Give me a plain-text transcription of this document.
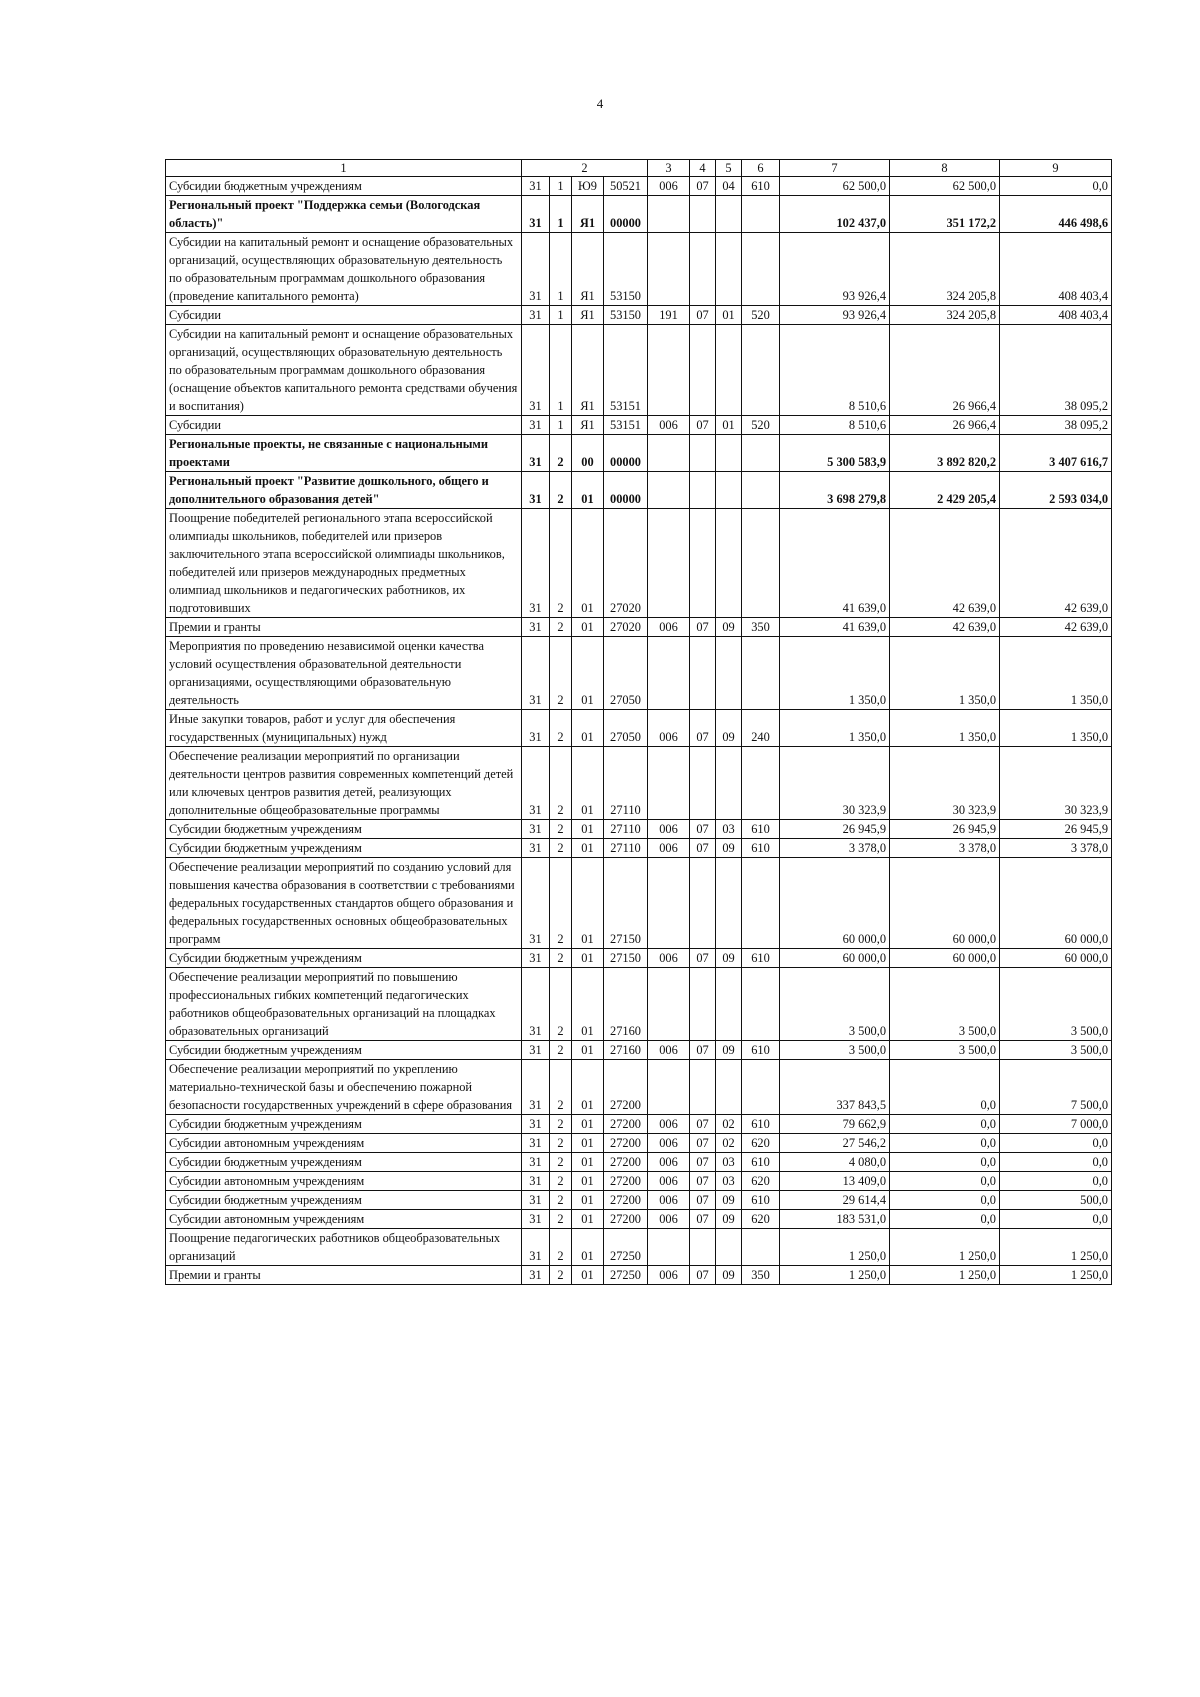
4
1	2				3	4	5	6	7	8	9
Субсидии бюджетным учреждениям	31	1	Ю9	50521	006	07	04	610	62 500,0	62 500,0	0,0
Региональный проект "Поддержка семьи (Вологодская область)"	31	1	Я1	00000					102 437,0	351 172,2	446 498,6
Субсидии на капитальный ремонт и оснащение образовательных организаций, осуществляющих образовательную деятельность по образовательным программам дошкольного образования (проведение капитального ремонта)	31	1	Я1	53150					93 926,4	324 205,8	408 403,4
Субсидии	31	1	Я1	53150	191	07	01	520	93 926,4	324 205,8	408 403,4
Субсидии на капитальный ремонт и оснащение образовательных организаций, осуществляющих образовательную деятельность по образовательным программам дошкольного образования (оснащение объектов капитального ремонта средствами обучения и воспитания)	31	1	Я1	53151					8 510,6	26 966,4	38 095,2
Субсидии	31	1	Я1	53151	006	07	01	520	8 510,6	26 966,4	38 095,2
Региональные проекты, не связанные с национальными проектами	31	2	00	00000					5 300 583,9	3 892 820,2	3 407 616,7
Региональный проект "Развитие дошкольного, общего и дополнительного образования детей"	31	2	01	00000					3 698 279,8	2 429 205,4	2 593 034,0
Поощрение победителей регионального этапа всероссийской олимпиады школьников, победителей или призеров заключительного этапа всероссийской олимпиады школьников, победителей или призеров международных предметных олимпиад школьников и педагогических работников, их подготовивших	31	2	01	27020					41 639,0	42 639,0	42 639,0
Премии и гранты	31	2	01	27020	006	07	09	350	41 639,0	42 639,0	42 639,0
Мероприятия по проведению независимой оценки качества условий осуществления образовательной деятельности организациями, осуществляющими образовательную деятельность	31	2	01	27050					1 350,0	1 350,0	1 350,0
Иные закупки товаров, работ и услуг для обеспечения государственных (муниципальных) нужд	31	2	01	27050	006	07	09	240	1 350,0	1 350,0	1 350,0
Обеспечение реализации мероприятий по организации деятельности центров развития современных компетенций детей или ключевых центров развития детей, реализующих дополнительные общеобразовательные программы	31	2	01	27110					30 323,9	30 323,9	30 323,9
Субсидии бюджетным учреждениям	31	2	01	27110	006	07	03	610	26 945,9	26 945,9	26 945,9
Субсидии бюджетным учреждениям	31	2	01	27110	006	07	09	610	3 378,0	3 378,0	3 378,0
Обеспечение реализации мероприятий по созданию условий для повышения качества образования в соответствии с требованиями федеральных государственных стандартов общего образования и федеральных государственных основных общеобразовательных программ	31	2	01	27150					60 000,0	60 000,0	60 000,0
Субсидии бюджетным учреждениям	31	2	01	27150	006	07	09	610	60 000,0	60 000,0	60 000,0
Обеспечение реализации мероприятий по повышению профессиональных гибких компетенций педагогических работников общеобразовательных организаций на площадках образовательных организаций	31	2	01	27160					3 500,0	3 500,0	3 500,0
Субсидии бюджетным учреждениям	31	2	01	27160	006	07	09	610	3 500,0	3 500,0	3 500,0
Обеспечение реализации мероприятий по укреплению материально-технической базы и обеспечению пожарной безопасности государственных учреждений в сфере образования	31	2	01	27200					337 843,5	0,0	7 500,0
Субсидии бюджетным учреждениям	31	2	01	27200	006	07	02	610	79 662,9	0,0	7 000,0
Субсидии автономным учреждениям	31	2	01	27200	006	07	02	620	27 546,2	0,0	0,0
Субсидии бюджетным учреждениям	31	2	01	27200	006	07	03	610	4 080,0	0,0	0,0
Субсидии автономным учреждениям	31	2	01	27200	006	07	03	620	13 409,0	0,0	0,0
Субсидии бюджетным учреждениям	31	2	01	27200	006	07	09	610	29 614,4	0,0	500,0
Субсидии автономным учреждениям	31	2	01	27200	006	07	09	620	183 531,0	0,0	0,0
Поощрение педагогических работников общеобразовательных организаций	31	2	01	27250					1 250,0	1 250,0	1 250,0
Премии и гранты	31	2	01	27250	006	07	09	350	1 250,0	1 250,0	1 250,0
